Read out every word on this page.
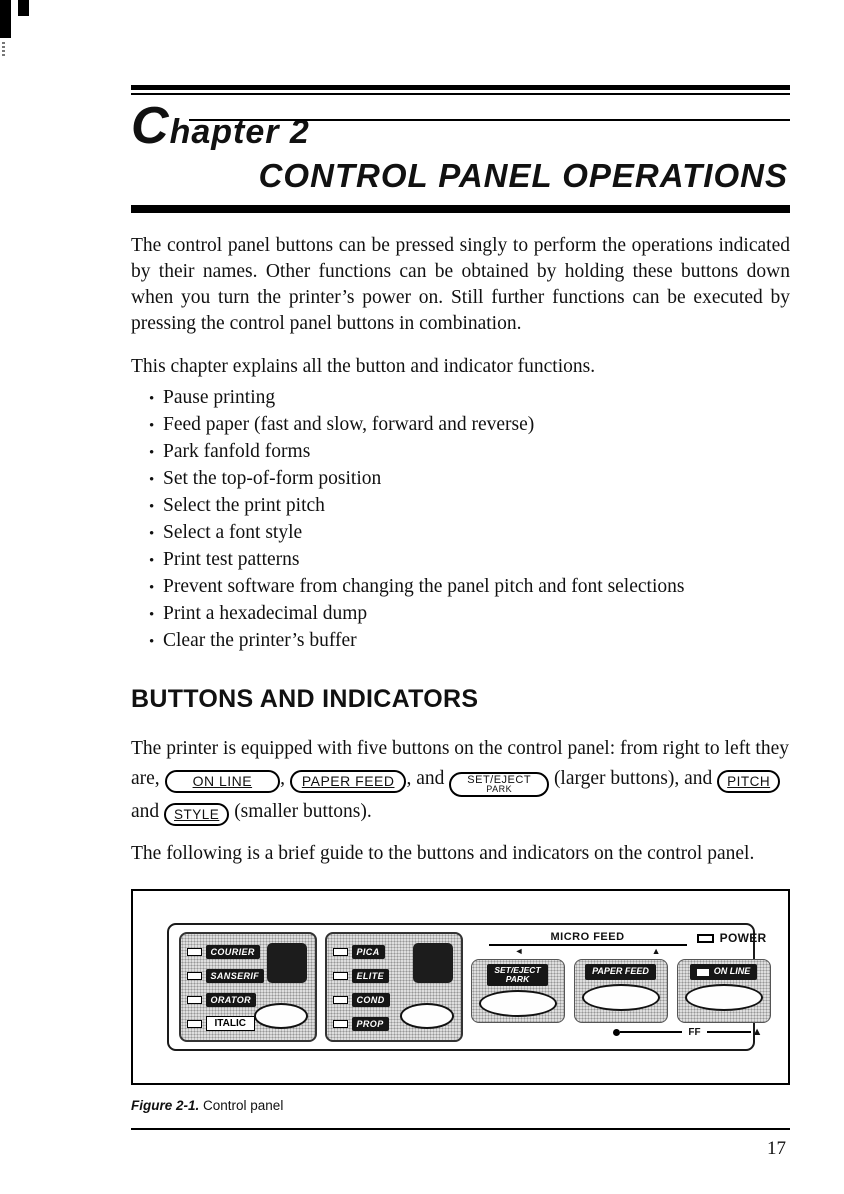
Chapter 2
CONTROL PANEL OPERATIONS

The control panel buttons can be pressed singly to perform the operations indicated by their names. Other functions can be obtained by holding these buttons down when you turn the printer’s power on. Still further functions can be executed by pressing the control panel buttons in combination.

This chapter explains all the button and indicator functions.

•
Pause printing
•
Feed paper (fast and slow, forward and reverse)
•
Park fanfold forms
•
Set the top-of-form position
•
Select the print pitch
•
Select a font style
•
Print test patterns
•
Prevent software from changing the panel pitch and font selections
•
Print a hexadecimal dump
•
Clear the printer’s buffer
BUTTONS AND INDICATORS

The printer is equipped with five buttons on the control panel: from right to left they are, ON LINE , PAPER FEED , and SET/EJECT
PARK	(larger buttons), and PITCH and STYLE (smaller buttons).

The following is a brief guide to the buttons and indicators on the control panel.

COURIER
SANSERIF
ORATOR
ITALIC
PICA
ELITE
COND
PROP
MICRO FEED
◄	▲
POWER
SET/EJECT
PARK
PAPER FEED	ON LINE
FF	▲
Figure 2-1. Control panel
17
